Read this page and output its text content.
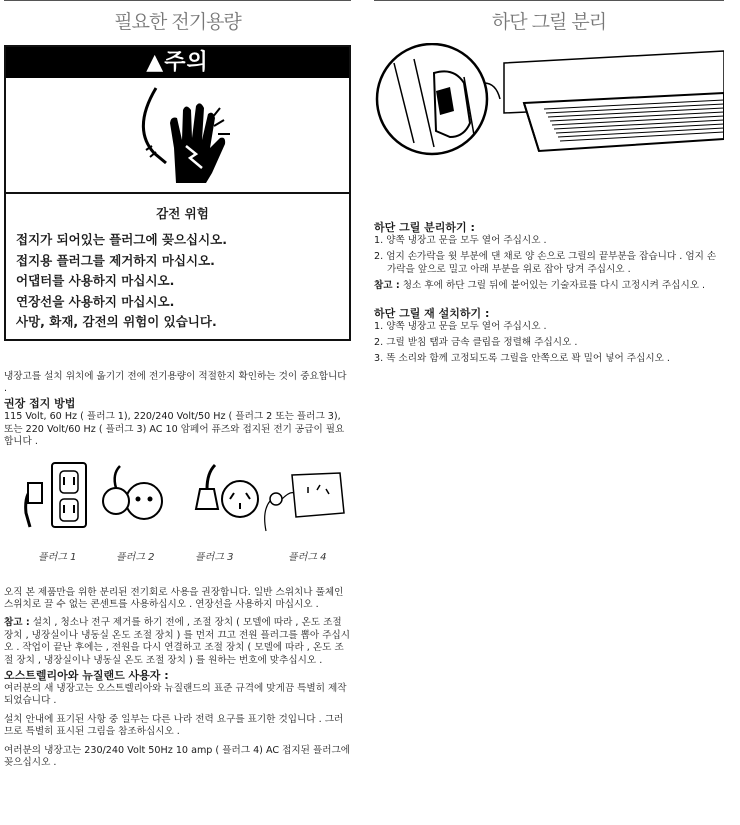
필요한 전기용량
▲주의
감전 위험
접지가 되어있는 플러그에 꽂으십시오.
접지용 플러그를 제거하지 마십시오.
어댑터를 사용하지 마십시오.
연장선을 사용하지 마십시오.
사망, 화재, 감전의 위험이 있습니다.

냉장고를 설치 위치에 옮기기 전에 전기용량이 적절한지 확인하는 것이 중요합니다 .

권장 접지 방법

115 Volt, 60 Hz ( 플러그 1), 220/240 Volt/50 Hz ( 플러그 2 또는 플러그 3), 또는 220 Volt/60 Hz ( 플러그 3) AC 10 암페어 퓨즈와 접지된 전기 공급이 필요합니다 .

오직 본 제품만을 위한 분리된 전기회로 사용을 권장합니다. 일반 스위치나 풀체인 스위치로 끌 수 없는 콘센트를 사용하십시오 . 연장선을 사용하지 마십시오 .

참고 : 설치 , 청소나 전구 제거를 하기 전에 , 조절 장치 ( 모델에 따라 , 온도 조절 장치 , 냉장실이나 냉동실 온도 조절 장치 ) 를 먼저 끄고 전원 플러그를 뽑아 주십시오 . 작업이 끝난 후에는 , 전원을 다시 연결하고 조절 장치 ( 모델에 따라 , 온도 조절 장치 , 냉장실이나 냉동실 온도 조절 장치 ) 를 원하는 번호에 맞추십시오 .

오스트렐리아와 뉴질랜드 사용자 :

여러분의 새 냉장고는 오스트렐리아와 뉴질랜드의 표준 규격에 맞게끔 특별히 제작되었습니다 .

설치 안내에 표기된 사항 중 일부는 다른 나라 전력 요구를 표기한 것입니다 . 그러므로 특별히 표시된 그림을 참조하십시오 .

여러분의 냉장고는 230/240 Volt 50Hz 10 amp ( 플러그 4) AC 접지된 플러그에 꽂으십시오 .

플러그 1	플러그 2	플러그 3	플러그 4
하단 그릴 분리
하단 그릴 분리하기 :
1. 양쪽 냉장고 문을 모두 열어 주십시오 .
2. 엄지 손가락을 윗 부분에 댄 채로 양 손으로 그릴의 끝부분을 잡습니다 . 엄지 손가락을 앞으로 밀고 아래 부분을 위로 잡아 당겨 주십시오 .

참고 : 청소 후에 하단 그릴 뒤에 붙어있는 기술자료를 다시 고정시켜 주십시오 .

하단 그릴 재 설치하기 :
1. 양쪽 냉장고 문을 모두 열어 주십시오 .
2. 그릴 받침 탭과 금속 클립을 정렬해 주십시오 .
3. 똑 소리와 함께 고정되도록 그릴을 안쪽으로 꽉 밀어 넣어 주십시오 .
